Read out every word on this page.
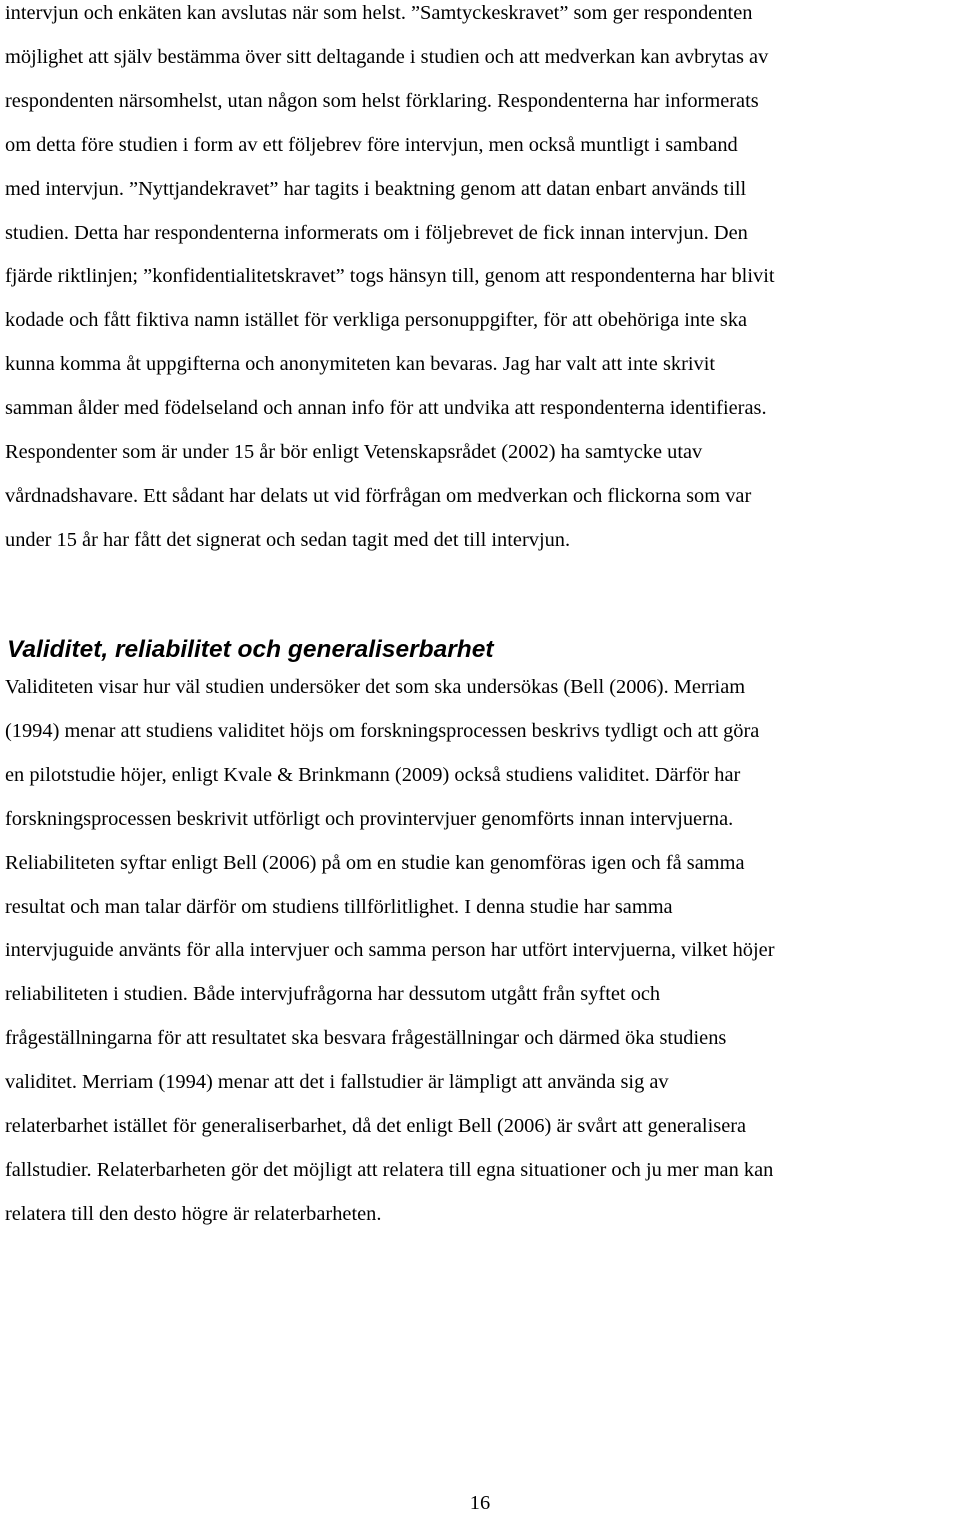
intervjun och enkäten kan avslutas när som helst. ”Samtyckeskravet” som ger respondenten
möjlighet att själv bestämma över sitt deltagande i studien och att medverkan kan avbrytas av
respondenten närsomhelst, utan någon som helst förklaring. Respondenterna har informerats
om detta före studien i form av ett följebrev före intervjun, men också muntligt i samband
med intervjun. ”Nyttjandekravet” har tagits i beaktning genom att datan enbart används till
studien. Detta har respondenterna informerats om i följebrevet de fick innan intervjun. Den
fjärde riktlinjen; ”konfidentialitetskravet” togs hänsyn till, genom att respondenterna har blivit
kodade och fått fiktiva namn istället för verkliga personuppgifter, för att obehöriga inte ska
kunna komma åt uppgifterna och anonymiteten kan bevaras. Jag har valt att inte skrivit
samman ålder med födelseland och annan info för att undvika att respondenterna identifieras.
Respondenter som är under 15 år bör enligt Vetenskapsrådet (2002) ha samtycke utav
vårdnadshavare. Ett sådant har delats ut vid förfrågan om medverkan och flickorna som var
under 15 år har fått det signerat och sedan tagit med det till intervjun.

Validitet, reliabilitet och generaliserbarhet

Validiteten visar hur väl studien undersöker det som ska undersökas (Bell (2006). Merriam
(1994) menar att studiens validitet höjs om forskningsprocessen beskrivs tydligt och att göra
en pilotstudie höjer, enligt Kvale & Brinkmann (2009) också studiens validitet. Därför har
forskningsprocessen beskrivit utförligt och provintervjuer genomförts innan intervjuerna.
Reliabiliteten syftar enligt Bell (2006) på om en studie kan genomföras igen och få samma
resultat och man talar därför om studiens tillförlitlighet. I denna studie har samma
intervjuguide använts för alla intervjuer och samma person har utfört intervjuerna, vilket höjer
reliabiliteten i studien. Både intervjufrågorna har dessutom utgått från syftet och
frågeställningarna för att resultatet ska besvara frågeställningar och därmed öka studiens
validitet. Merriam (1994) menar att det i fallstudier är lämpligt att använda sig av
relaterbarhet istället för generaliserbarhet, då det enligt Bell (2006) är svårt att generalisera
fallstudier. Relaterbarheten gör det möjligt att relatera till egna situationer och ju mer man kan
relatera till den desto högre är relaterbarheten.

16
